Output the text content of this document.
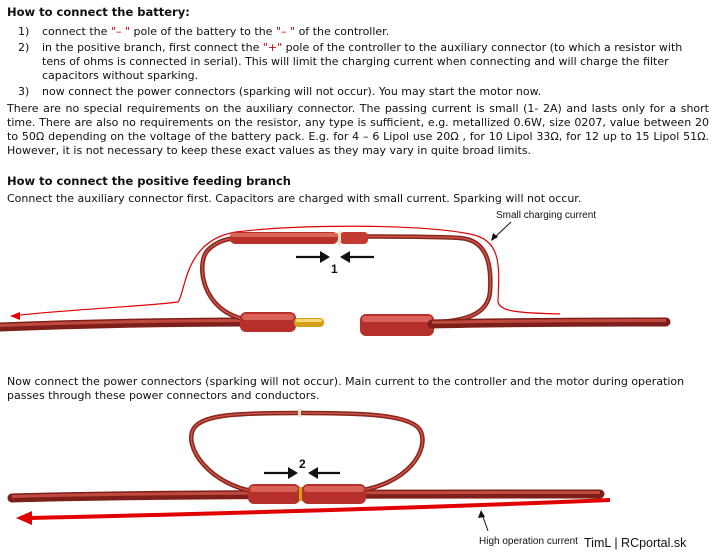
How to connect the battery:
1) connect the "– " pole of the battery to the "– " of the controller.
2) in the positive branch, first connect the "+" pole of the controller to the auxiliary connector (to which a resistor with tens of ohms is connected in serial). This will limit the charging current when connecting and will charge the filter capacitors without sparking.
3) now connect the power connectors (sparking will not occur). You may start the motor now.
There are no special requirements on the auxiliary connector. The passing current is small (1- 2A) and lasts only for a short time. There are also no requirements on the resistor, any type is sufficient, e.g. metallized 0.6W, size 0207, value between 20 to 50Ω depending on the voltage of the battery pack. E.g. for 4 – 6 Lipol use 20Ω , for 10 Lipol 33Ω, for 12 up to 15 Lipol 51Ω. However, it is not necessary to keep these exact values as they may vary in quite broad limits.
How to connect the positive feeding branch
Connect the auxiliary connector first. Capacitors are charged with small current. Sparking will not occur.
Now connect the power connectors (sparking will not occur). Main current to the controller and the motor during operation passes through these power connectors and conductors.
1
Small charging current
2
High operation current TimL | RCportal.sk
